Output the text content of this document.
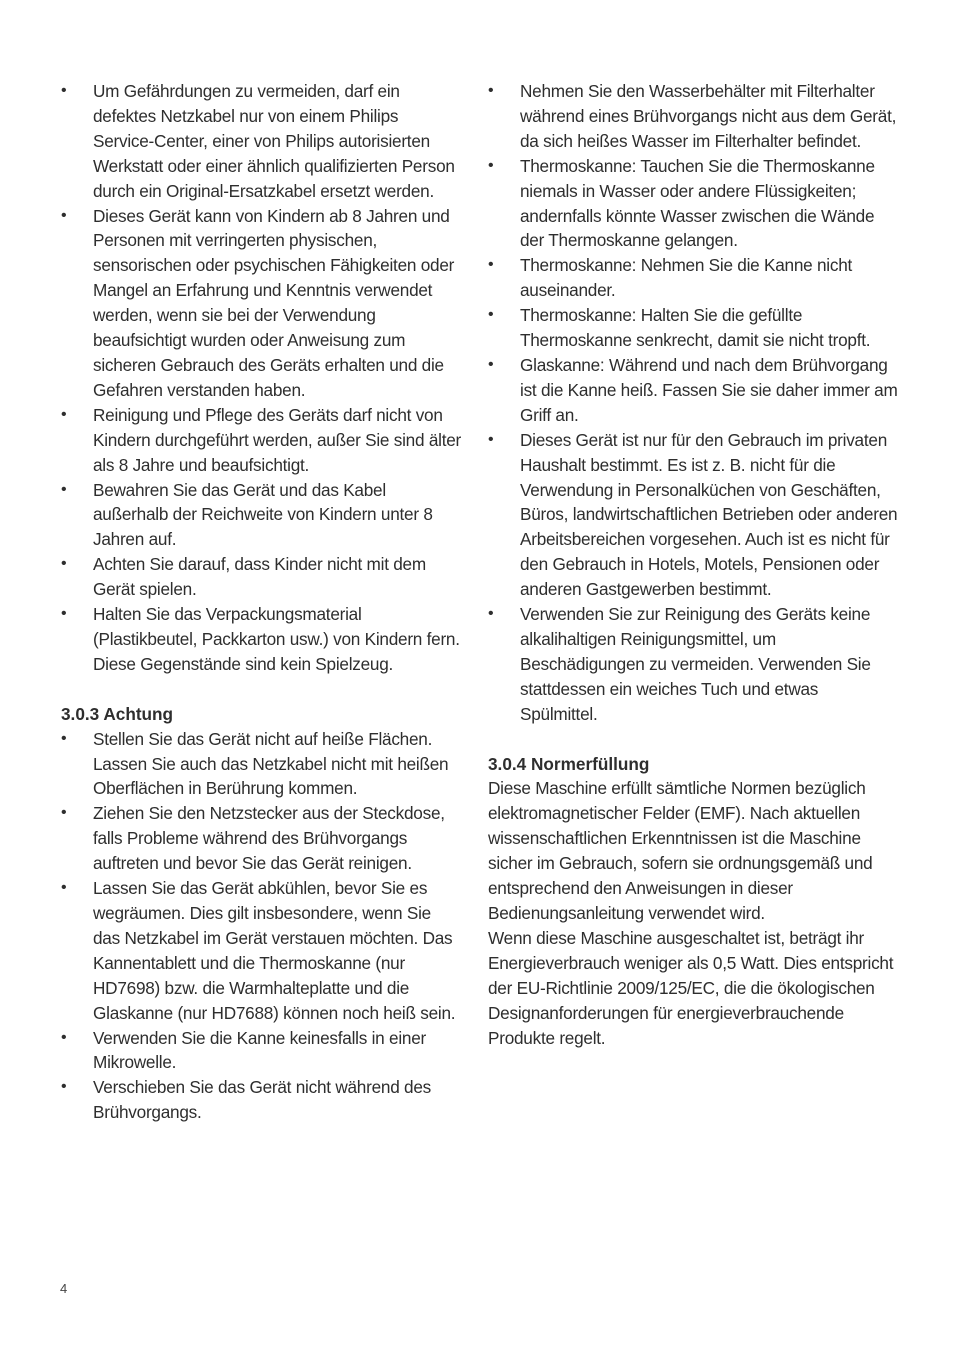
•	Um Gefährdungen zu vermeiden, darf ein defektes Netzkabel nur von einem Philips Service-Center, einer von Philips autorisierten Werkstatt oder einer ähnlich qualifizierten Person durch ein Original-Ersatzkabel ersetzt werden.
•	Dieses Gerät kann von Kindern ab 8 Jahren und Personen mit verringerten physischen, sensorischen oder psychischen Fähigkeiten oder Mangel an Erfahrung und Kenntnis verwendet werden, wenn sie bei der Verwendung beaufsichtigt wurden oder Anweisung zum sicheren Gebrauch des Geräts erhalten und die Gefahren verstanden haben.
•	Reinigung und Pflege des Geräts darf nicht von Kindern durchgeführt werden, außer Sie sind älter als 8 Jahre und beaufsichtigt.
•	Bewahren Sie das Gerät und das Kabel außerhalb der Reichweite von Kindern unter 8 Jahren auf.
•	Achten Sie darauf, dass Kinder nicht mit dem Gerät spielen.
•	Halten Sie das Verpackungsmaterial (Plastikbeutel, Packkarton usw.) von Kindern fern. Diese Gegenstände sind kein Spielzeug.
3.0.3 Achtung
•	Stellen Sie das Gerät nicht auf heiße Flächen. Lassen Sie auch das Netzkabel nicht mit heißen Oberflächen in Berührung kommen.
•	Ziehen Sie den Netzstecker aus der Steckdose, falls Probleme während des Brühvorgangs auftreten und bevor Sie das Gerät reinigen.
•	Lassen Sie das Gerät abkühlen, bevor Sie es wegräumen. Dies gilt insbesondere, wenn Sie das Netzkabel im Gerät verstauen möchten. Das Kannentablett und die Thermoskanne (nur HD7698) bzw. die Warmhalteplatte und die Glaskanne (nur HD7688) können noch heiß sein.
•	Verwenden Sie die Kanne keinesfalls in einer Mikrowelle.
•	Verschieben Sie das Gerät nicht während des Brühvorgangs.
•	Nehmen Sie den Wasserbehälter mit Filterhalter während eines Brühvorgangs nicht aus dem Gerät, da sich heißes Wasser im Filterhalter befindet.
•	Thermoskanne: Tauchen Sie die Thermoskanne niemals in Wasser oder andere Flüssigkeiten; andernfalls könnte Wasser zwischen die Wände der Thermoskanne gelangen.
•	Thermoskanne: Nehmen Sie die Kanne nicht auseinander.
•	Thermoskanne: Halten Sie die gefüllte Thermoskanne senkrecht, damit sie nicht tropft.
•	Glaskanne: Während und nach dem Brühvorgang ist die Kanne heiß. Fassen Sie sie daher immer am Griff an.
•	Dieses Gerät ist nur für den Gebrauch im privaten Haushalt bestimmt. Es ist z. B. nicht für die Verwendung in Personalküchen von Geschäften, Büros, landwirtschaftlichen Betrieben oder anderen Arbeitsbereichen vorgesehen. Auch ist es nicht für den Gebrauch in Hotels, Motels, Pensionen oder anderen Gastgewerben bestimmt.
•	Verwenden Sie zur Reinigung des Geräts keine alkalihaltigen Reinigungsmittel, um Beschädigungen zu vermeiden. Verwenden Sie stattdessen ein weiches Tuch und etwas Spülmittel.
3.0.4 Normerfüllung

Diese Maschine erfüllt sämtliche Normen bezüglich elektromagnetischer Felder (EMF). Nach aktuellen wissenschaftlichen Erkenntnissen ist die Maschine sicher im Gebrauch, sofern sie ordnungsgemäß und entsprechend den Anweisungen in dieser Bedienungsanleitung verwendet wird.

Wenn diese Maschine ausgeschaltet ist, beträgt ihr Energieverbrauch weniger als 0,5 Watt. Dies entspricht der EU-Richtlinie 2009/125/EC, die die ökologischen Designanforderungen für energieverbrauchende Produkte regelt.

4
